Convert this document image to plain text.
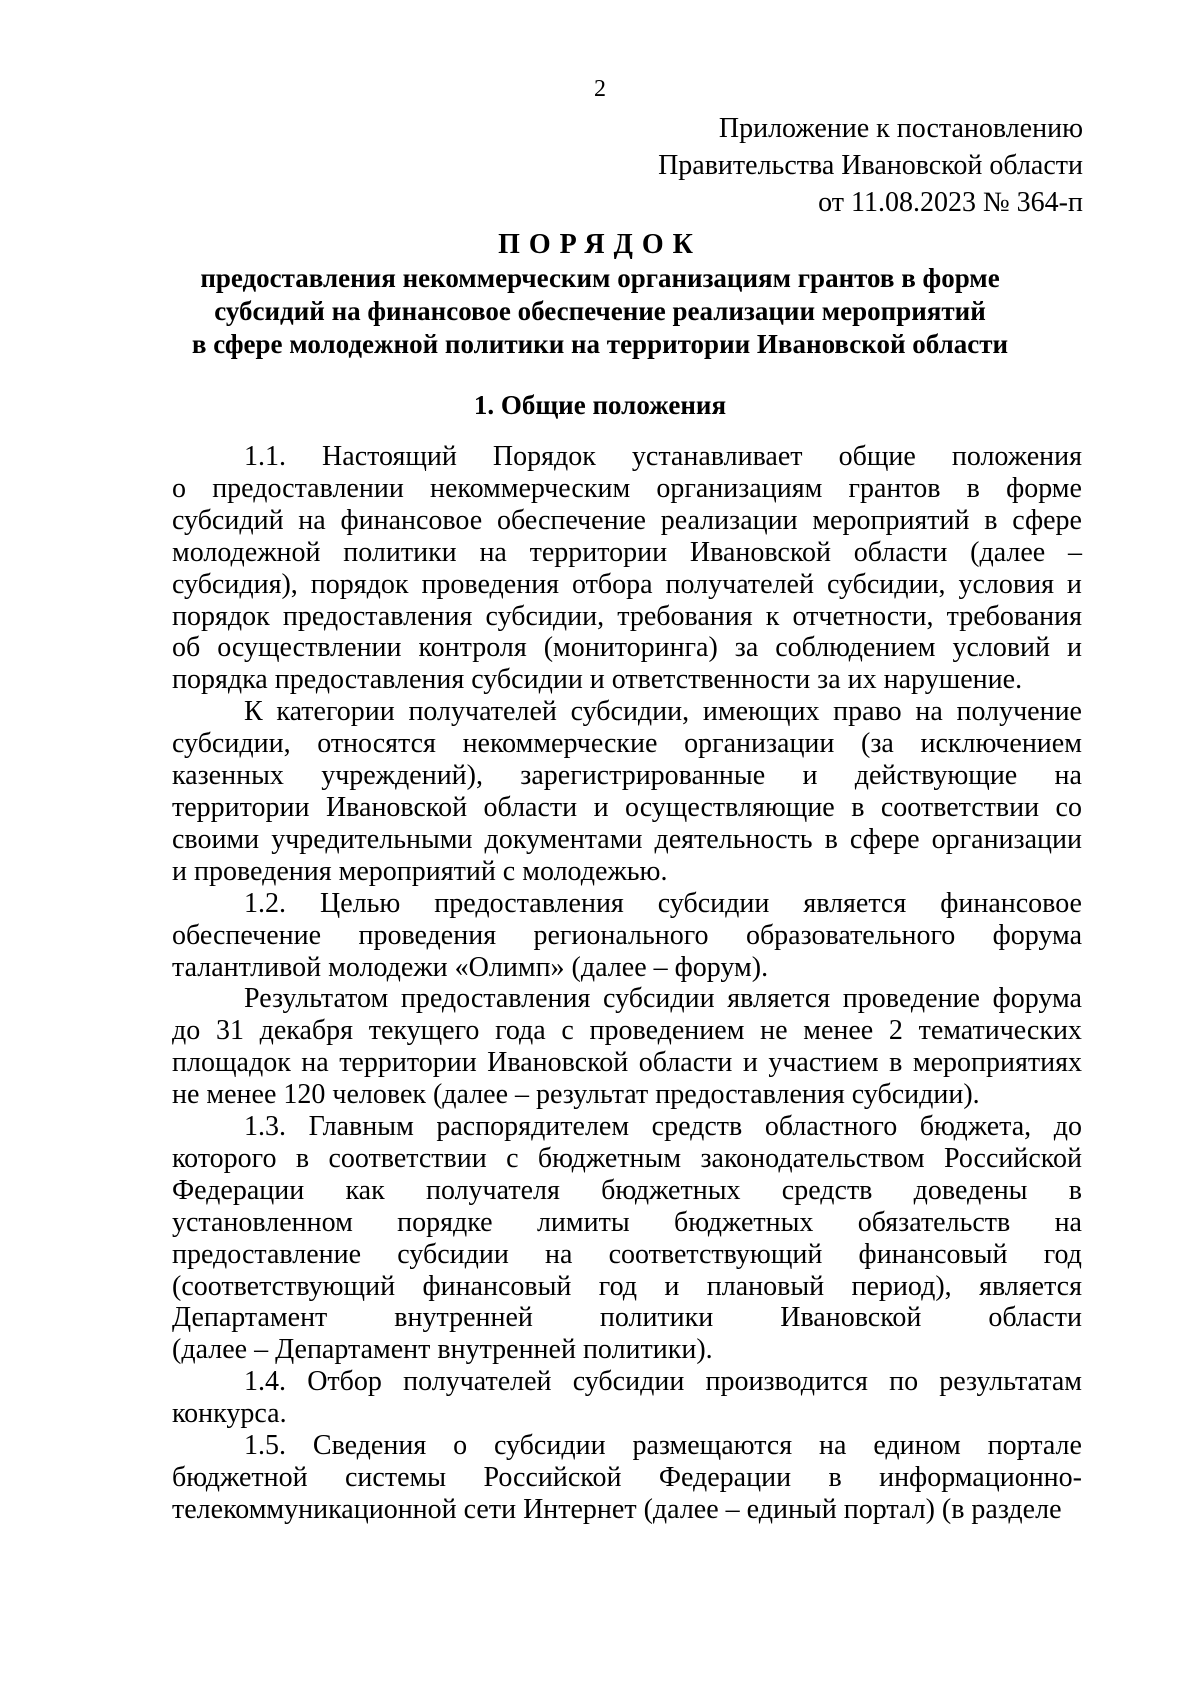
2
Приложение к постановлению
Правительства Ивановской области
от 11.08.2023 № 364-п
ПОРЯДОК
предоставления некоммерческим организациям грантов в форме
субсидий на финансовое обеспечение реализации мероприятий
в сфере молодежной политики на территории Ивановской области
1. Общие положения
1.1. Настоящий Порядок устанавливает общие положения
о предоставлении некоммерческим организациям грантов в форме
субсидий на финансовое обеспечение реализации мероприятий в сфере
молодежной политики на территории Ивановской области (далее –
субсидия), порядок проведения отбора получателей субсидии, условия и
порядок предоставления субсидии, требования к отчетности, требования
об осуществлении контроля (мониторинга) за соблюдением условий и
порядка предоставления субсидии и ответственности за их нарушение.
К категории получателей субсидии, имеющих право на получение
субсидии, относятся некоммерческие организации (за исключением
казенных учреждений), зарегистрированные и действующие на
территории Ивановской области и осуществляющие в соответствии со
своими учредительными документами деятельность в сфере организации
и проведения мероприятий с молодежью.
1.2. Целью предоставления субсидии является финансовое
обеспечение проведения регионального образовательного форума
талантливой молодежи «Олимп» (далее – форум).
Результатом предоставления субсидии является проведение форума
до 31 декабря текущего года с проведением не менее 2 тематических
площадок на территории Ивановской области и участием в мероприятиях
не менее 120 человек (далее – результат предоставления субсидии).
1.3. Главным распорядителем средств областного бюджета, до
которого в соответствии с бюджетным законодательством Российской
Федерации как получателя бюджетных средств доведены в
установленном порядке лимиты бюджетных обязательств на
предоставление субсидии на соответствующий финансовый год
(соответствующий финансовый год и плановый период), является
Департамент внутренней политики Ивановской области
(далее – Департамент внутренней политики).
1.4. Отбор получателей субсидии производится по результатам
конкурса.
1.5. Сведения о субсидии размещаются на едином портале
бюджетной системы Российской Федерации в информационно-
телекоммуникационной сети Интернет (далее – единый портал) (в разделе
